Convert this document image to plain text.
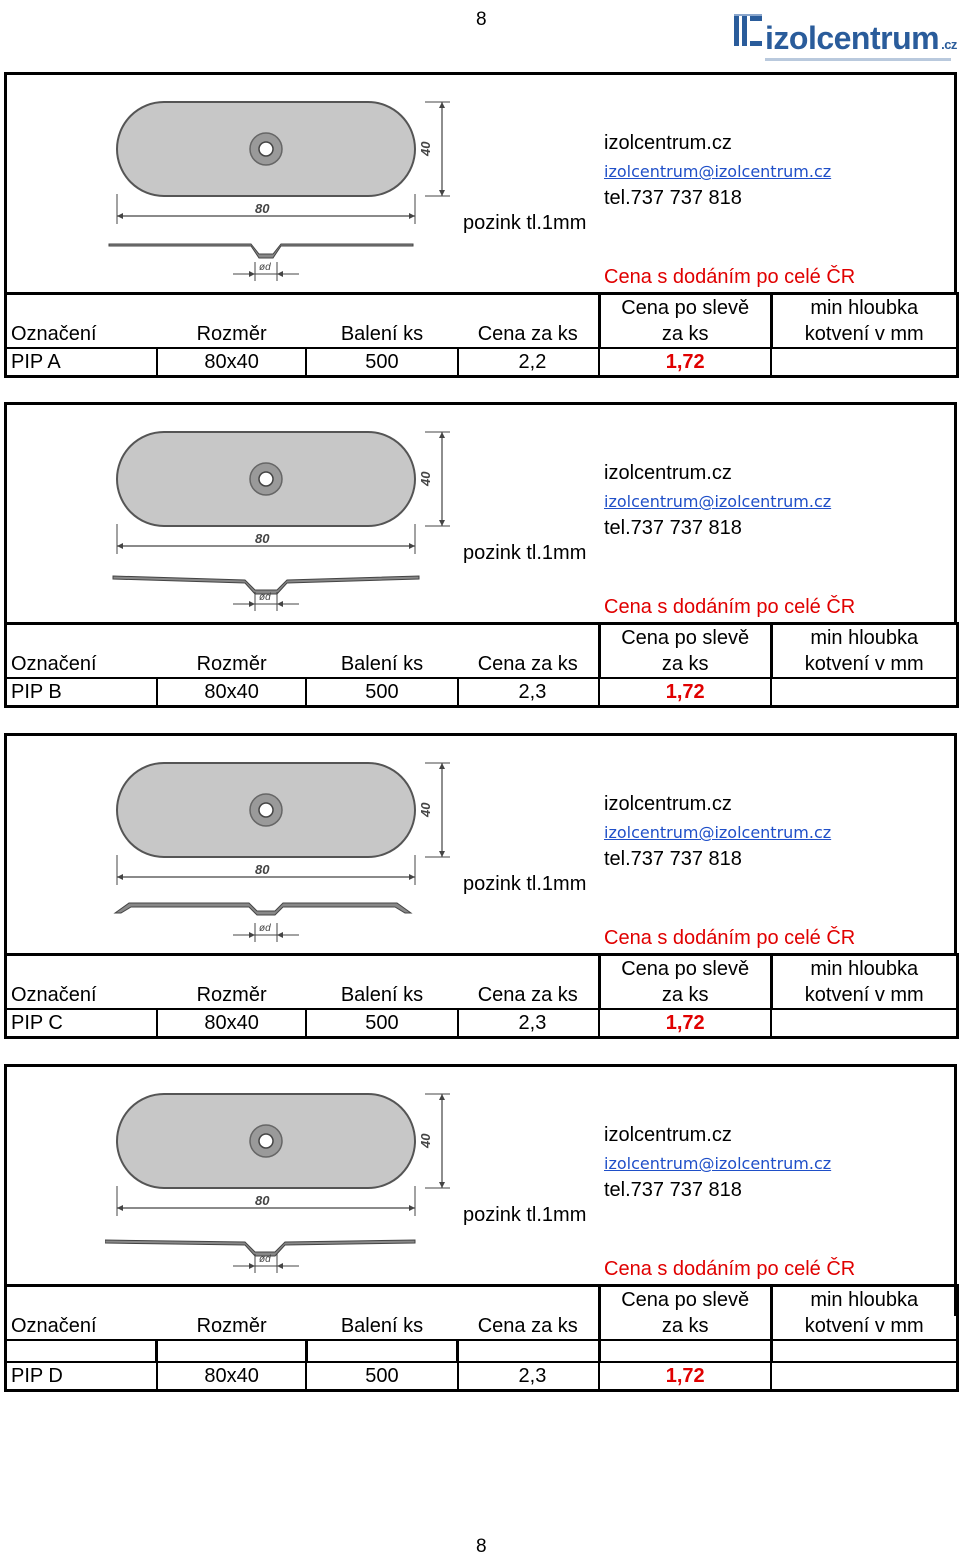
8
izolcentrum .cz
40
80
ød
izolcentrum.cz
izolcentrum@izolcentrum.cz
tel.737 737 818
pozink tl.1mm
Cena s dodáním po celé ČR
				Cena po slevě	min hloubka
Označení	Rozměr	Balení ks	Cena za ks	za ks	kotvení v mm
PIP A	80x40	500	2,2	1,72	
40
80
ød
izolcentrum.cz
izolcentrum@izolcentrum.cz
tel.737 737 818
pozink tl.1mm
Cena s dodáním po celé ČR
				Cena po slevě	min hloubka
Označení	Rozměr	Balení ks	Cena za ks	za ks	kotvení v mm
PIP B	80x40	500	2,3	1,72	
40
80
ød
izolcentrum.cz
izolcentrum@izolcentrum.cz
tel.737 737 818
pozink tl.1mm
Cena s dodáním po celé ČR
				Cena po slevě	min hloubka
Označení	Rozměr	Balení ks	Cena za ks	za ks	kotvení v mm
PIP C	80x40	500	2,3	1,72	
40
80
ød
izolcentrum.cz
izolcentrum@izolcentrum.cz
tel.737 737 818
pozink tl.1mm
Cena s dodáním po celé ČR
				Cena po slevě	min hloubka
Označení	Rozměr	Balení ks	Cena za ks	za ks	kotvení v mm

PIP D	80x40	500	2,3	1,72	
8
